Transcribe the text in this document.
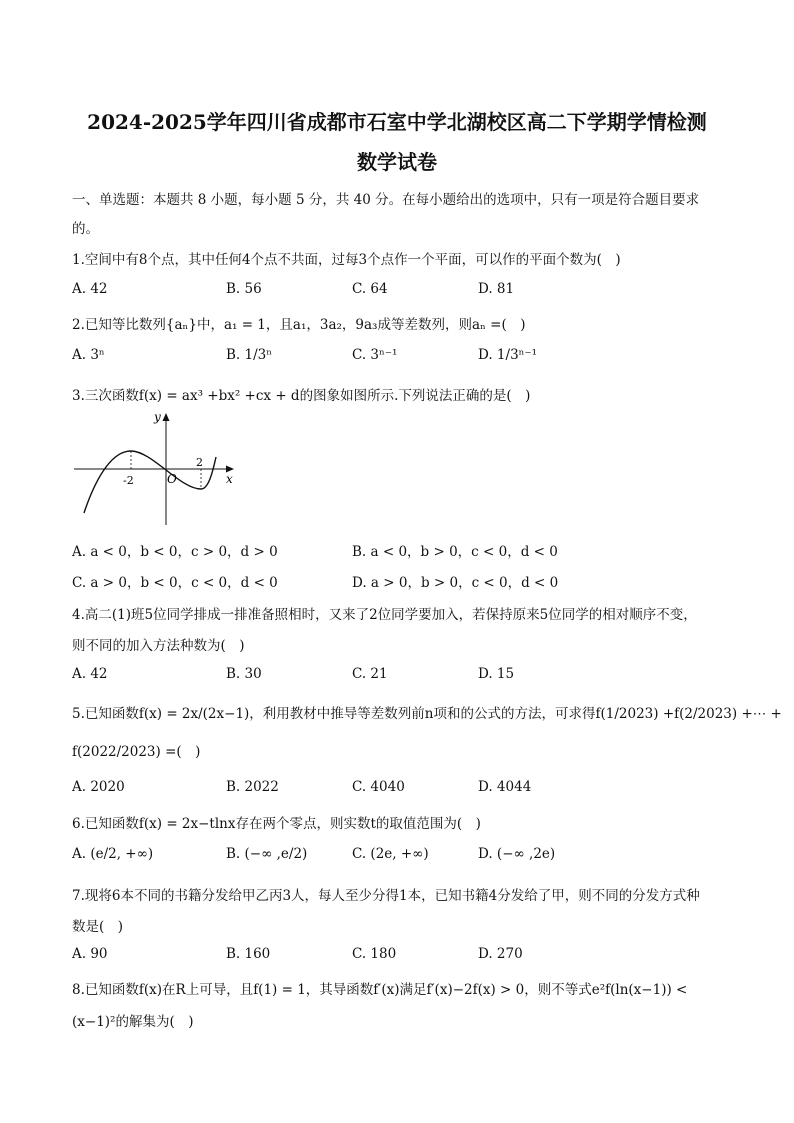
2024-2025学年四川省成都市石室中学北湖校区高二下学期学情检测
数学试卷
一、单选题：本题共 8 小题，每小题 5 分，共 40 分。在每小题给出的选项中，只有一项是符合题目要求
的。
1.空间中有8个点，其中任何4个点不共面，过每3个点作一个平面，可以作的平面个数为(　)
A. 42	B. 56	C. 64	D. 81
2.已知等比数列{aₙ}中，a₁ = 1，且a₁，3a₂，9a₃成等差数列，则aₙ =(　)
A. 3ⁿ	B. 1/3ⁿ	C. 3ⁿ⁻¹	D. 1/3ⁿ⁻¹
3.三次函数f(x) = ax³ +bx² +cx + d的图象如图所示.下列说法正确的是(　)
y
x
O
-2
2
A. a < 0，b < 0，c > 0，d > 0	B. a < 0，b > 0，c < 0，d < 0
C. a > 0，b < 0，c < 0，d < 0	D. a > 0，b > 0，c < 0，d < 0
4.高二(1)班5位同学排成一排准备照相时，又来了2位同学要加入，若保持原来5位同学的相对顺序不变，
则不同的加入方法种数为(　)
A. 42	B. 30	C. 21	D. 15
5.已知函数f(x) = 2x/(2x−1)，利用教材中推导等差数列前n项和的公式的方法，可求得f(1/2023) +f(2/2023) +⋯ +
f(2022/2023) =(　)
A. 2020	B. 2022	C. 4040	D. 4044
6.已知函数f(x) = 2x−tlnx存在两个零点，则实数t的取值范围为(　)
A. (e/2, +∞)	B. (−∞ ,e/2)	C. (2e, +∞)	D. (−∞ ,2e)
7.现将6本不同的书籍分发给甲乙丙3人，每人至少分得1本，已知书籍4分发给了甲，则不同的分发方式种
数是(　)
A. 90	B. 160	C. 180	D. 270
8.已知函数f(x)在R上可导，且f(1) = 1，其导函数f′(x)满足f′(x)−2f(x) > 0，则不等式e²f(ln(x−1)) <
(x−1)²的解集为(　)
